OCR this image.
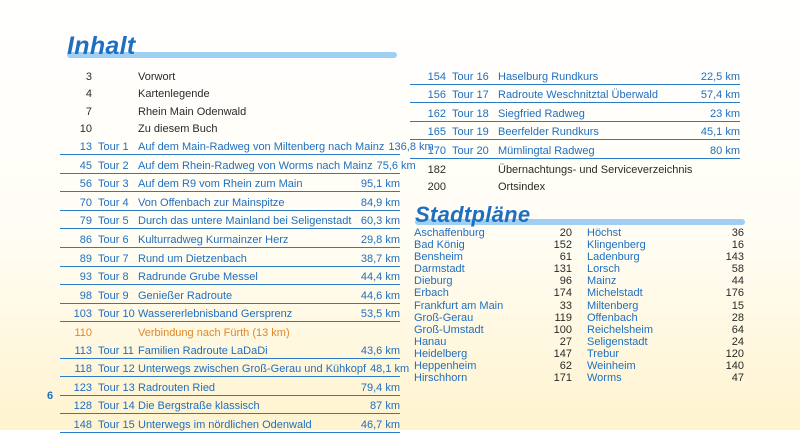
Inhalt
3	Vorwort
4	Kartenlegende
7	Rhein Main Odenwald
10	Zu diesem Buch
13 Tour 1 Auf dem Main-Radweg von Miltenberg nach Mainz 136,8 km
45 Tour 2 Auf dem Rhein-Radweg von Worms nach Mainz 75,6 km
56 Tour 3 Auf dem R9 vom Rhein zum Main	95,1 km
70 Tour 4 Von Offenbach zur Mainspitze	84,9 km
79 Tour 5 Durch das untere Mainland bei Seligenstadt 60,3 km
86 Tour 6 Kulturradweg Kurmainzer Herz	29,8 km
89 Tour 7 Rund um Dietzenbach	38,7 km
93 Tour 8 Radrunde Grube Messel	44,4 km
98 Tour 9 Genießer Radroute	44,6 km
103 Tour 10 Wassererlebnisband Gersprenz	53,5 km
110	Verbindung nach Fürth (13 km)
113 Tour 11 Familien Radroute LaDaDi	43,6 km
118 Tour 12 Unterwegs zwischen Groß-Gerau und Kühkopf 48,1 km
123 Tour 13 Radrouten Ried	79,4 km
128 Tour 14 Die Bergstraße klassisch	87 km
148 Tour 15 Unterwegs im nördlichen Odenwald	46,7 km
154 Tour 16 Haselburg Rundkurs	22,5 km
156 Tour 17 Radroute Weschnitztal Überwald	57,4 km
162 Tour 18 Siegfried Radweg	23 km
165 Tour 19 Beerfelder Rundkurs	45,1 km
170 Tour 20 Mümlingtal Radweg	80 km
182	Übernachtungs- und Serviceverzeichnis
200	Ortsindex
Stadtpläne
Aschaffenburg	20
Bad König	152
Bensheim	61
Darmstadt	131
Dieburg	96
Erbach	174
Frankfurt am Main	33
Groß-Gerau	119
Groß-Umstadt	100
Hanau	27
Heidelberg	147
Heppenheim	62
Hirschhorn	171
Höchst	36
Klingenberg	16
Ladenburg	143
Lorsch	58
Mainz	44
Michelstadt	176
Miltenberg	15
Offenbach	28
Reichelsheim	64
Seligenstadt	24
Trebur	120
Weinheim	140
Worms	47
6
